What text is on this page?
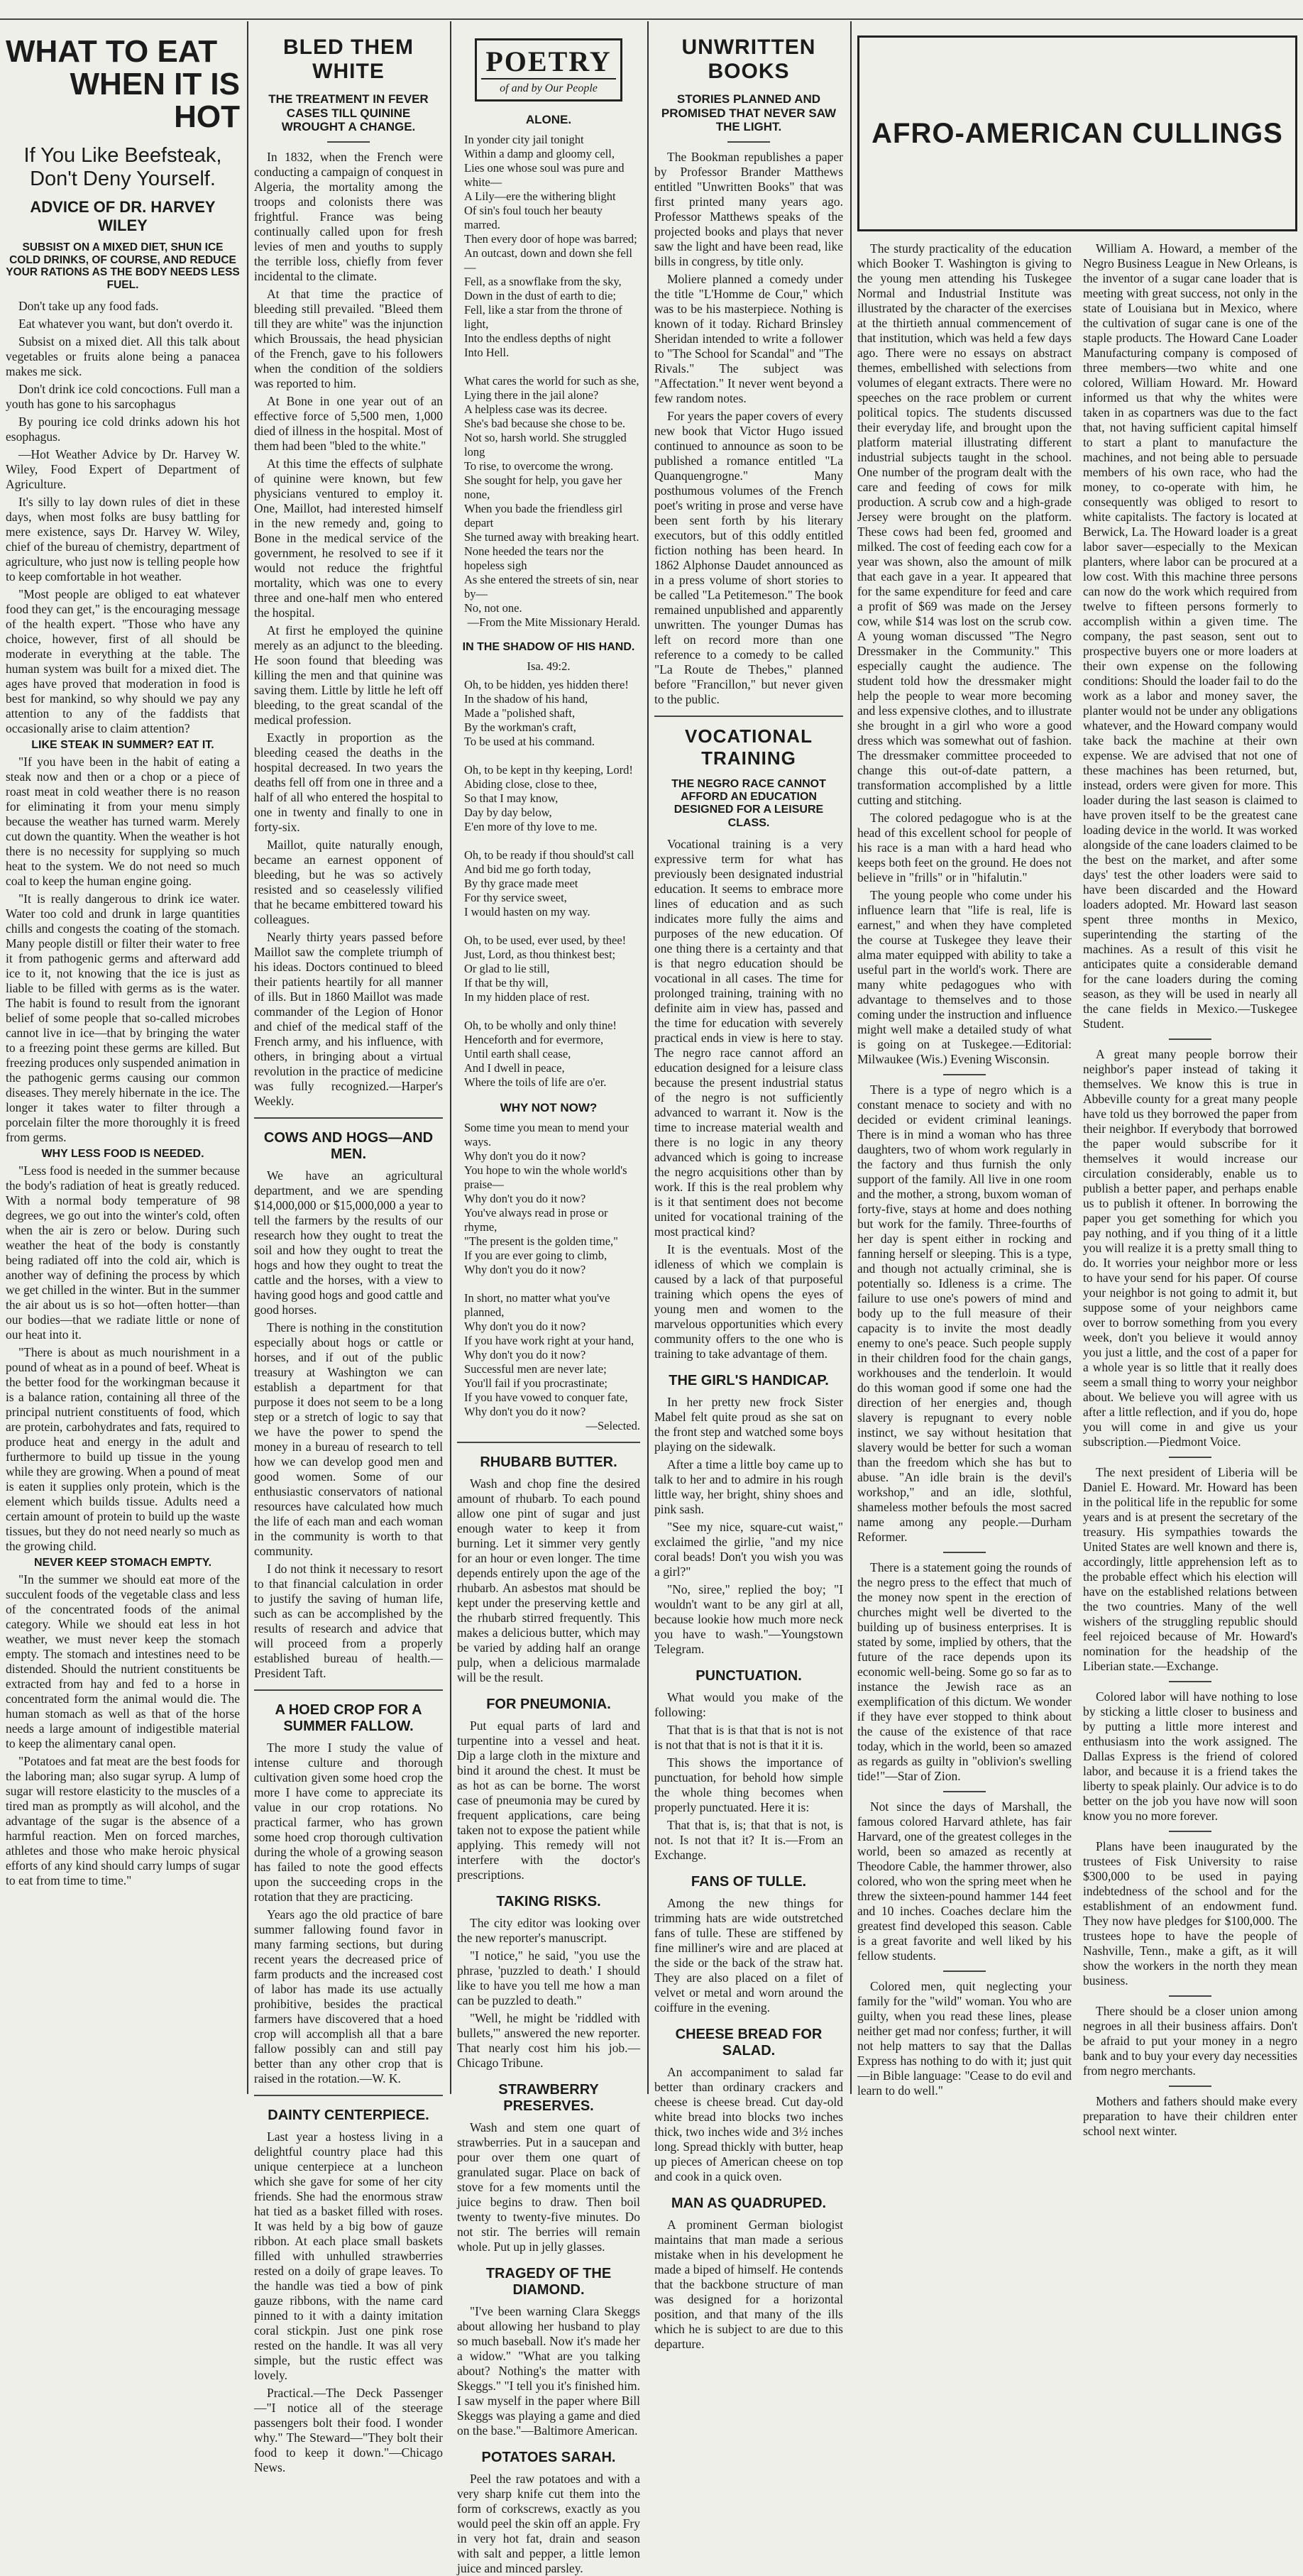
WHAT TO EAT
WHEN IT IS HOT
If You Like Beefsteak, Don't Deny Yourself.
ADVICE OF DR. HARVEY WILEY
SUBSIST ON A MIXED DIET, SHUN ICE COLD DRINKS, OF COURSE, AND REDUCE YOUR RATIONS AS THE BODY NEEDS LESS FUEL.

Don't take up any food fads.

Eat whatever you want, but don't overdo it.

Subsist on a mixed diet. All this talk about vegetables or fruits alone being a panacea makes me sick.

Don't drink ice cold concoctions. Full man a youth has gone to his sarcophagus

By pouring ice cold drinks adown his hot esophagus.

—Hot Weather Advice by Dr. Harvey W. Wiley, Food Expert of Department of Agriculture.

It's silly to lay down rules of diet in these days, when most folks are busy battling for mere existence, says Dr. Harvey W. Wiley, chief of the bureau of chemistry, department of agriculture, who just now is telling people how to keep comfortable in hot weather.

"Most people are obliged to eat whatever food they can get," is the encouraging message of the health expert. "Those who have any choice, however, first of all should be moderate in everything at the table. The human system was built for a mixed diet. The ages have proved that moderation in food is best for mankind, so why should we pay any attention to any of the faddists that occasionally arise to claim attention?

LIKE STEAK IN SUMMER? EAT IT.

"If you have been in the habit of eating a steak now and then or a chop or a piece of roast meat in cold weather there is no reason for eliminating it from your menu simply because the weather has turned warm. Merely cut down the quantity. When the weather is hot there is no necessity for supplying so much heat to the system. We do not need so much coal to keep the human engine going.

"It is really dangerous to drink ice water. Water too cold and drunk in large quantities chills and congests the coating of the stomach. Many people distill or filter their water to free it from pathogenic germs and afterward add ice to it, not knowing that the ice is just as liable to be filled with germs as is the water. The habit is found to result from the ignorant belief of some people that so-called microbes cannot live in ice—that by bringing the water to a freezing point these germs are killed. But freezing produces only suspended animation in the pathogenic germs causing our common diseases. They merely hibernate in the ice. The longer it takes water to filter through a porcelain filter the more thoroughly it is freed from germs.

WHY LESS FOOD IS NEEDED.

"Less food is needed in the summer because the body's radiation of heat is greatly reduced. With a normal body temperature of 98 degrees, we go out into the winter's cold, often when the air is zero or below. During such weather the heat of the body is constantly being radiated off into the cold air, which is another way of defining the process by which we get chilled in the winter. But in the summer the air about us is so hot—often hotter—than our bodies—that we radiate little or none of our heat into it.

"There is about as much nourishment in a pound of wheat as in a pound of beef. Wheat is the better food for the workingman because it is a balance ration, containing all three of the principal nutrient constituents of food, which are protein, carbohydrates and fats, required to produce heat and energy in the adult and furthermore to build up tissue in the young while they are growing. When a pound of meat is eaten it supplies only protein, which is the element which builds tissue. Adults need a certain amount of protein to build up the waste tissues, but they do not need nearly so much as the growing child.

NEVER KEEP STOMACH EMPTY.

"In the summer we should eat more of the succulent foods of the vegetable class and less of the concentrated foods of the animal category. While we should eat less in hot weather, we must never keep the stomach empty. The stomach and intestines need to be distended. Should the nutrient constituents be extracted from hay and fed to a horse in concentrated form the animal would die. The human stomach as well as that of the horse needs a large amount of indigestible material to keep the alimentary canal open.

"Potatoes and fat meat are the best foods for the laboring man; also sugar syrup. A lump of sugar will restore elasticity to the muscles of a tired man as promptly as will alcohol, and the advantage of the sugar is the absence of a harmful reaction. Men on forced marches, athletes and those who make heroic physical efforts of any kind should carry lumps of sugar to eat from time to time."

BLED THEM WHITE
THE TREATMENT IN FEVER CASES TILL QUININE WROUGHT A CHANGE.

In 1832, when the French were conducting a campaign of conquest in Algeria, the mortality among the troops and colonists there was frightful. France was being continually called upon for fresh levies of men and youths to supply the terrible loss, chiefly from fever incidental to the climate.

At that time the practice of bleeding still prevailed. "Bleed them till they are white" was the injunction which Broussais, the head physician of the French, gave to his followers when the condition of the soldiers was reported to him.

At Bone in one year out of an effective force of 5,500 men, 1,000 died of illness in the hospital. Most of them had been "bled to the white."

At this time the effects of sulphate of quinine were known, but few physicians ventured to employ it. One, Maillot, had interested himself in the new remedy and, going to Bone in the medical service of the government, he resolved to see if it would not reduce the frightful mortality, which was one to every three and one-half men who entered the hospital.

At first he employed the quinine merely as an adjunct to the bleeding. He soon found that bleeding was killing the men and that quinine was saving them. Little by little he left off bleeding, to the great scandal of the medical profession.

Exactly in proportion as the bleeding ceased the deaths in the hospital decreased. In two years the deaths fell off from one in three and a half of all who entered the hospital to one in twenty and finally to one in forty-six.

Maillot, quite naturally enough, became an earnest opponent of bleeding, but he was so actively resisted and so ceaselessly vilified that he became embittered toward his colleagues.

Nearly thirty years passed before Maillot saw the complete triumph of his ideas. Doctors continued to bleed their patients heartily for all manner of ills. But in 1860 Maillot was made commander of the Legion of Honor and chief of the medical staff of the French army, and his influence, with others, in bringing about a virtual revolution in the practice of medicine was fully recognized.—Harper's Weekly.

COWS AND HOGS—AND MEN.

We have an agricultural department, and we are spending $14,000,000 or $15,000,000 a year to tell the farmers by the results of our research how they ought to treat the soil and how they ought to treat the hogs and how they ought to treat the cattle and the horses, with a view to having good hogs and good cattle and good horses.

There is nothing in the constitution especially about hogs or cattle or horses, and if out of the public treasury at Washington we can establish a department for that purpose it does not seem to be a long step or a stretch of logic to say that we have the power to spend the money in a bureau of research to tell how we can develop good men and good women. Some of our enthusiastic conservators of national resources have calculated how much the life of each man and each woman in the community is worth to that community.

I do not think it necessary to resort to that financial calculation in order to justify the saving of human life, such as can be accomplished by the results of research and advice that will proceed from a properly established bureau of health.—President Taft.

A HOED CROP FOR A SUMMER FALLOW.

The more I study the value of intense culture and thorough cultivation given some hoed crop the more I have come to appreciate its value in our crop rotations. No practical farmer, who has grown some hoed crop thorough cultivation during the whole of a growing season has failed to note the good effects upon the succeeding crops in the rotation that they are practicing.

Years ago the old practice of bare summer fallowing found favor in many farming sections, but during recent years the decreased price of farm products and the increased cost of labor has made its use actually prohibitive, besides the practical farmers have discovered that a hoed crop will accomplish all that a bare fallow possibly can and still pay better than any other crop that is raised in the rotation.—W. K.

DAINTY CENTERPIECE.

Last year a hostess living in a delightful country place had this unique centerpiece at a luncheon which she gave for some of her city friends. She had the enormous straw hat tied as a basket filled with roses. It was held by a big bow of gauze ribbon. At each place small baskets filled with unhulled strawberries rested on a doily of grape leaves. To the handle was tied a bow of pink gauze ribbons, with the name card pinned to it with a dainty imitation coral stickpin. Just one pink rose rested on the handle. It was all very simple, but the rustic effect was lovely.

Practical.—The Deck Passenger—"I notice all of the steerage passengers bolt their food. I wonder why." The Steward—"They bolt their food to keep it down."—Chicago News.

POETRY
of and by Our People
ALONE.
In yonder city jail tonight
Within a damp and gloomy cell,
Lies one whose soul was pure and white—
A Lily—ere the withering blight
Of sin's foul touch her beauty marred.
Then every door of hope was barred;
An outcast, down and down she fell—
Fell, as a snowflake from the sky,
Down in the dust of earth to die;
Fell, like a star from the throne of light,
Into the endless depths of night
Into Hell.

What cares the world for such as she,
Lying there in the jail alone?
A helpless case was its decree.
She's bad because she chose to be.
Not so, harsh world. She struggled long
To rise, to overcome the wrong.
She sought for help, you gave her none,
When you bade the friendless girl depart
She turned away with breaking heart.
None heeded the tears nor the hopeless sigh
As she entered the streets of sin, near by—
No, not one.
—From the Mite Missionary Herald.
IN THE SHADOW OF HIS HAND.
Isa. 49:2.
Oh, to be hidden, yes hidden there!
In the shadow of his hand,
Made a "polished shaft,
By the workman's craft,
To be used at his command.

Oh, to be kept in thy keeping, Lord!
Abiding close, close to thee,
So that I may know,
Day by day below,
E'en more of thy love to me.

Oh, to be ready if thou should'st call
And bid me go forth today,
By thy grace made meet
For thy service sweet,
I would hasten on my way.

Oh, to be used, ever used, by thee!
Just, Lord, as thou thinkest best;
Or glad to lie still,
If that be thy will,
In my hidden place of rest.

Oh, to be wholly and only thine!
Henceforth and for evermore,
Until earth shall cease,
And I dwell in peace,
Where the toils of life are o'er.
WHY NOT NOW?
Some time you mean to mend your ways.
Why don't you do it now?
You hope to win the whole world's praise—
Why don't you do it now?
You've always read in prose or rhyme,
"The present is the golden time,"
If you are ever going to climb,
Why don't you do it now?

In short, no matter what you've planned,
Why don't you do it now?
If you have work right at your hand,
Why don't you do it now?
Successful men are never late;
You'll fail if you procrastinate;
If you have vowed to conquer fate,
Why don't you do it now?
—Selected.
RHUBARB BUTTER.

Wash and chop fine the desired amount of rhubarb. To each pound allow one pint of sugar and just enough water to keep it from burning. Let it simmer very gently for an hour or even longer. The time depends entirely upon the age of the rhubarb. An asbestos mat should be kept under the preserving kettle and the rhubarb stirred frequently. This makes a delicious butter, which may be varied by adding half an orange pulp, when a delicious marmalade will be the result.

FOR PNEUMONIA.

Put equal parts of lard and turpentine into a vessel and heat. Dip a large cloth in the mixture and bind it around the chest. It must be as hot as can be borne. The worst case of pneumonia may be cured by frequent applications, care being taken not to expose the patient while applying. This remedy will not interfere with the doctor's prescriptions.

TAKING RISKS.

The city editor was looking over the new reporter's manuscript.

"I notice," he said, "you use the phrase, 'puzzled to death.' I should like to have you tell me how a man can be puzzled to death."

"Well, he might be 'riddled with bullets,'" answered the new reporter. That nearly cost him his job.—Chicago Tribune.

STRAWBERRY PRESERVES.

Wash and stem one quart of strawberries. Put in a saucepan and pour over them one quart of granulated sugar. Place on back of stove for a few moments until the juice begins to draw. Then boil twenty to twenty-five minutes. Do not stir. The berries will remain whole. Put up in jelly glasses.

TRAGEDY OF THE DIAMOND.

"I've been warning Clara Skeggs about allowing her husband to play so much baseball. Now it's made her a widow." "What are you talking about? Nothing's the matter with Skeggs." "I tell you it's finished him. I saw myself in the paper where Bill Skeggs was playing a game and died on the base."—Baltimore American.

POTATOES SARAH.

Peel the raw potatoes and with a very sharp knife cut them into the form of corkscrews, exactly as you would peel the skin off an apple. Fry in very hot fat, drain and season with salt and pepper, a little lemon juice and minced parsley.

UNWRITTEN BOOKS
STORIES PLANNED AND PROMISED THAT NEVER SAW THE LIGHT.

The Bookman republishes a paper by Professor Brander Matthews entitled "Unwritten Books" that was first printed many years ago. Professor Matthews speaks of the projected books and plays that never saw the light and have been read, like bills in congress, by title only.

Moliere planned a comedy under the title "L'Homme de Cour," which was to be his masterpiece. Nothing is known of it today. Richard Brinsley Sheridan intended to write a follower to "The School for Scandal" and "The Rivals." The subject was "Affectation." It never went beyond a few random notes.

For years the paper covers of every new book that Victor Hugo issued continued to announce as soon to be published a romance entitled "La Quanquengrogne." Many posthumous volumes of the French poet's writing in prose and verse have been sent forth by his literary executors, but of this oddly entitled fiction nothing has been heard. In 1862 Alphonse Daudet announced as in a press volume of short stories to be called "La Petitemeson." The book remained unpublished and apparently unwritten. The younger Dumas has left on record more than one reference to a comedy to be called "La Route de Thebes," planned before "Francillon," but never given to the public.

VOCATIONAL TRAINING
THE NEGRO RACE CANNOT AFFORD AN EDUCATION DESIGNED FOR A LEISURE CLASS.

Vocational training is a very expressive term for what has previously been designated industrial education. It seems to embrace more lines of education and as such indicates more fully the aims and purposes of the new education. Of one thing there is a certainty and that is that negro education should be vocational in all cases. The time for prolonged training, training with no definite aim in view has, passed and the time for education with severely practical ends in view is here to stay. The negro race cannot afford an education designed for a leisure class because the present industrial status of the negro is not sufficiently advanced to warrant it. Now is the time to increase material wealth and there is no logic in any theory advanced which is going to increase the negro acquisitions other than by work. If this is the real problem why is it that sentiment does not become united for vocational training of the most practical kind?

It is the eventuals. Most of the idleness of which we complain is caused by a lack of that purposeful training which opens the eyes of young men and women to the marvelous opportunities which every community offers to the one who is training to take advantage of them.

THE GIRL'S HANDICAP.

In her pretty new frock Sister Mabel felt quite proud as she sat on the front step and watched some boys playing on the sidewalk.

After a time a little boy came up to talk to her and to admire in his rough little way, her bright, shiny shoes and pink sash.

"See my nice, square-cut waist," exclaimed the girlie, "and my nice coral beads! Don't you wish you was a girl?"

"No, siree," replied the boy; "I wouldn't want to be any girl at all, because lookie how much more neck you have to wash."—Youngstown Telegram.

PUNCTUATION.

What would you make of the following:

That that is is that that is not is not is not that that is not is that it it is.

This shows the importance of punctuation, for behold how simple the whole thing becomes when properly punctuated. Here it is:

That that is, is; that that is not, is not. Is not that it? It is.—From an Exchange.

FANS OF TULLE.

Among the new things for trimming hats are wide outstretched fans of tulle. These are stiffened by fine milliner's wire and are placed at the side or the back of the straw hat. They are also placed on a filet of velvet or metal and worn around the coiffure in the evening.

CHEESE BREAD FOR SALAD.

An accompaniment to salad far better than ordinary crackers and cheese is cheese bread. Cut day-old white bread into blocks two inches thick, two inches wide and 3½ inches long. Spread thickly with butter, heap up pieces of American cheese on top and cook in a quick oven.

MAN AS QUADRUPED.

A prominent German biologist maintains that man made a serious mistake when in his development he made a biped of himself. He contends that the backbone structure of man was designed for a horizontal position, and that many of the ills which he is subject to are due to this departure.

AFRO-AMERICAN CULLINGS

The sturdy practicality of the education which Booker T. Washington is giving to the young men attending his Tuskegee Normal and Industrial Institute was illustrated by the character of the exercises at the thirtieth annual commencement of that institution, which was held a few days ago. There were no essays on abstract themes, embellished with selections from volumes of elegant extracts. There were no speeches on the race problem or current political topics. The students discussed their everyday life, and brought upon the platform material illustrating different industrial subjects taught in the school. One number of the program dealt with the care and feeding of cows for milk production. A scrub cow and a high-grade Jersey were brought on the platform. These cows had been fed, groomed and milked. The cost of feeding each cow for a year was shown, also the amount of milk that each gave in a year. It appeared that for the same expenditure for feed and care a profit of $69 was made on the Jersey cow, while $14 was lost on the scrub cow. A young woman discussed "The Negro Dressmaker in the Community." This especially caught the audience. The student told how the dressmaker might help the people to wear more becoming and less expensive clothes, and to illustrate she brought in a girl who wore a good dress which was somewhat out of fashion. The dressmaker committee proceeded to change this out-of-date pattern, a transformation accomplished by a little cutting and stitching.

The colored pedagogue who is at the head of this excellent school for people of his race is a man with a hard head who keeps both feet on the ground. He does not believe in "frills" or in "hifalutin."

The young people who come under his influence learn that "life is real, life is earnest," and when they have completed the course at Tuskegee they leave their alma mater equipped with ability to take a useful part in the world's work. There are many white pedagogues who with advantage to themselves and to those coming under the instruction and influence might well make a detailed study of what is going on at Tuskegee.—Editorial: Milwaukee (Wis.) Evening Wisconsin.

There is a type of negro which is a constant menace to society and with no decided or evident criminal leanings. There is in mind a woman who has three daughters, two of whom work regularly in the factory and thus furnish the only support of the family. All live in one room and the mother, a strong, buxom woman of forty-five, stays at home and does nothing but work for the family. Three-fourths of her day is spent either in rocking and fanning herself or sleeping. This is a type, and though not actually criminal, she is potentially so. Idleness is a crime. The failure to use one's powers of mind and body up to the full measure of their capacity is to invite the most deadly enemy to one's peace. Such people supply in their children food for the chain gangs, workhouses and the tenderloin. It would do this woman good if some one had the direction of her energies and, though slavery is repugnant to every noble instinct, we say without hesitation that slavery would be better for such a woman than the freedom which she has but to abuse. "An idle brain is the devil's workshop," and an idle, slothful, shameless mother befouls the most sacred name among any people.—Durham Reformer.

There is a statement going the rounds of the negro press to the effect that much of the money now spent in the erection of churches might well be diverted to the building up of business enterprises. It is stated by some, implied by others, that the future of the race depends upon its economic well-being. Some go so far as to instance the Jewish race as an exemplification of this dictum. We wonder if they have ever stopped to think about the cause of the existence of that race today, which in the world, been so amazed as regards as guilty in "oblivion's swelling tide!"—Star of Zion.

Not since the days of Marshall, the famous colored Harvard athlete, has fair Harvard, one of the greatest colleges in the world, been so amazed as recently at Theodore Cable, the hammer thrower, also colored, who won the spring meet when he threw the sixteen-pound hammer 144 feet and 10 inches. Coaches declare him the greatest find developed this season. Cable is a great favorite and well liked by his fellow students.

Colored men, quit neglecting your family for the "wild" woman. You who are guilty, when you read these lines, please neither get mad nor confess; further, it will not help matters to say that the Dallas Express has nothing to do with it; just quit—in Bible language: "Cease to do evil and learn to do well."

William A. Howard, a member of the Negro Business League in New Orleans, is the inventor of a sugar cane loader that is meeting with great success, not only in the state of Louisiana but in Mexico, where the cultivation of sugar cane is one of the staple products. The Howard Cane Loader Manufacturing company is composed of three members—two white and one colored, William Howard. Mr. Howard informed us that why the whites were taken in as copartners was due to the fact that, not having sufficient capital himself to start a plant to manufacture the machines, and not being able to persuade members of his own race, who had the money, to co-operate with him, he consequently was obliged to resort to white capitalists. The factory is located at Berwick, La. The Howard loader is a great labor saver—especially to the Mexican planters, where labor can be procured at a low cost. With this machine three persons can now do the work which required from twelve to fifteen persons formerly to accomplish within a given time. The company, the past season, sent out to prospective buyers one or more loaders at their own expense on the following conditions: Should the loader fail to do the work as a labor and money saver, the planter would not be under any obligations whatever, and the Howard company would take back the machine at their own expense. We are advised that not one of these machines has been returned, but, instead, orders were given for more. This loader during the last season is claimed to have proven itself to be the greatest cane loading device in the world. It was worked alongside of the cane loaders claimed to be the best on the market, and after some days' test the other loaders were said to have been discarded and the Howard loaders adopted. Mr. Howard last season spent three months in Mexico, superintending the starting of the machines. As a result of this visit he anticipates quite a considerable demand for the cane loaders during the coming season, as they will be used in nearly all the cane fields in Mexico.—Tuskegee Student.

A great many people borrow their neighbor's paper instead of taking it themselves. We know this is true in Abbeville county for a great many people have told us they borrowed the paper from their neighbor. If everybody that borrowed the paper would subscribe for it themselves it would increase our circulation considerably, enable us to publish a better paper, and perhaps enable us to publish it oftener. In borrowing the paper you get something for which you pay nothing, and if you thing of it a little you will realize it is a pretty small thing to do. It worries your neighbor more or less to have your send for his paper. Of course your neighbor is not going to admit it, but suppose some of your neighbors came over to borrow something from you every week, don't you believe it would annoy you just a little, and the cost of a paper for a whole year is so little that it really does seem a small thing to worry your neighbor about. We believe you will agree with us after a little reflection, and if you do, hope you will come in and give us your subscription.—Piedmont Voice.

The next president of Liberia will be Daniel E. Howard. Mr. Howard has been in the political life in the republic for some years and is at present the secretary of the treasury. His sympathies towards the United States are well known and there is, accordingly, little apprehension left as to the probable effect which his election will have on the established relations between the two countries. Many of the well wishers of the struggling republic should feel rejoiced because of Mr. Howard's nomination for the headship of the Liberian state.—Exchange.

Colored labor will have nothing to lose by sticking a little closer to business and by putting a little more interest and enthusiasm into the work assigned. The Dallas Express is the friend of colored labor, and because it is a friend takes the liberty to speak plainly. Our advice is to do better on the job you have now will soon know you no more forever.

Plans have been inaugurated by the trustees of Fisk University to raise $300,000 to be used in paying indebtedness of the school and for the establishment of an endowment fund. They now have pledges for $100,000. The trustees hope to have the people of Nashville, Tenn., make a gift, as it will show the workers in the north they mean business.

There should be a closer union among negroes in all their business affairs. Don't be afraid to put your money in a negro bank and to buy your every day necessities from negro merchants.

Mothers and fathers should make every preparation to have their children enter school next winter.
